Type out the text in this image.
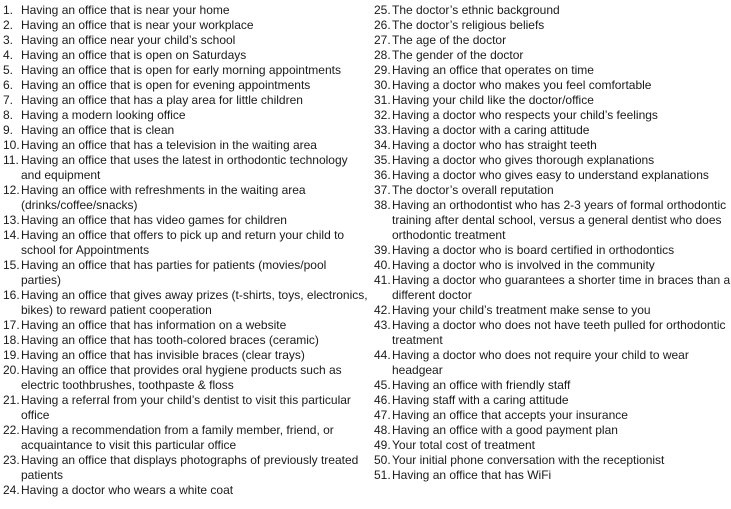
1. Having an office that is near your home
2. Having an office that is near your workplace
3. Having an office near your child’s school
4. Having an office that is open on Saturdays
5. Having an office that is open for early morning appointments
6. Having an office that is open for evening appointments
7. Having an office that has a play area for little children
8. Having a modern looking office
9. Having an office that is clean
10. Having an office that has a television in the waiting area
11. Having an office that uses the latest in orthodontic technology and equipment
12. Having an office with refreshments in the waiting area (drinks/coffee/snacks)
13. Having an office that has video games for children
14. Having an office that offers to pick up and return your child to school for Appointments
15. Having an office that has parties for patients (movies/pool parties)
16. Having an office that gives away prizes (t-shirts, toys, electronics, bikes) to reward patient cooperation
17. Having an office that has information on a website
18. Having an office that has tooth-colored braces (ceramic)
19. Having an office that has invisible braces (clear trays)
20. Having an office that provides oral hygiene products such as electric toothbrushes, toothpaste & floss
21. Having a referral from your child’s dentist to visit this particular office
22. Having a recommendation from a family member, friend, or acquaintance to visit this particular office
23. Having an office that displays photographs of previously treated patients
24. Having a doctor who wears a white coat
25. The doctor’s ethnic background
26. The doctor’s religious beliefs
27. The age of the doctor
28. The gender of the doctor
29. Having an office that operates on time
30. Having a doctor who makes you feel comfortable
31. Having your child like the doctor/office
32. Having a doctor who respects your child’s feelings
33. Having a doctor with a caring attitude
34. Having a doctor who has straight teeth
35. Having a doctor who gives thorough explanations
36. Having a doctor who gives easy to understand explanations
37. The doctor’s overall reputation
38. Having an orthodontist who has 2-3 years of formal orthodontic training after dental school, versus a general dentist who does orthodontic treatment
39. Having a doctor who is board certified in orthodontics
40. Having a doctor who is involved in the community
41. Having a doctor who guarantees a shorter time in braces than a different doctor
42. Having your child’s treatment make sense to you
43. Having a doctor who does not have teeth pulled for orthodontic treatment
44. Having a doctor who does not require your child to wear headgear
45. Having an office with friendly staff
46. Having staff with a caring attitude
47. Having an office that accepts your insurance
48. Having an office with a good payment plan
49. Your total cost of treatment
50. Your initial phone conversation with the receptionist
51. Having an office that has WiFi
